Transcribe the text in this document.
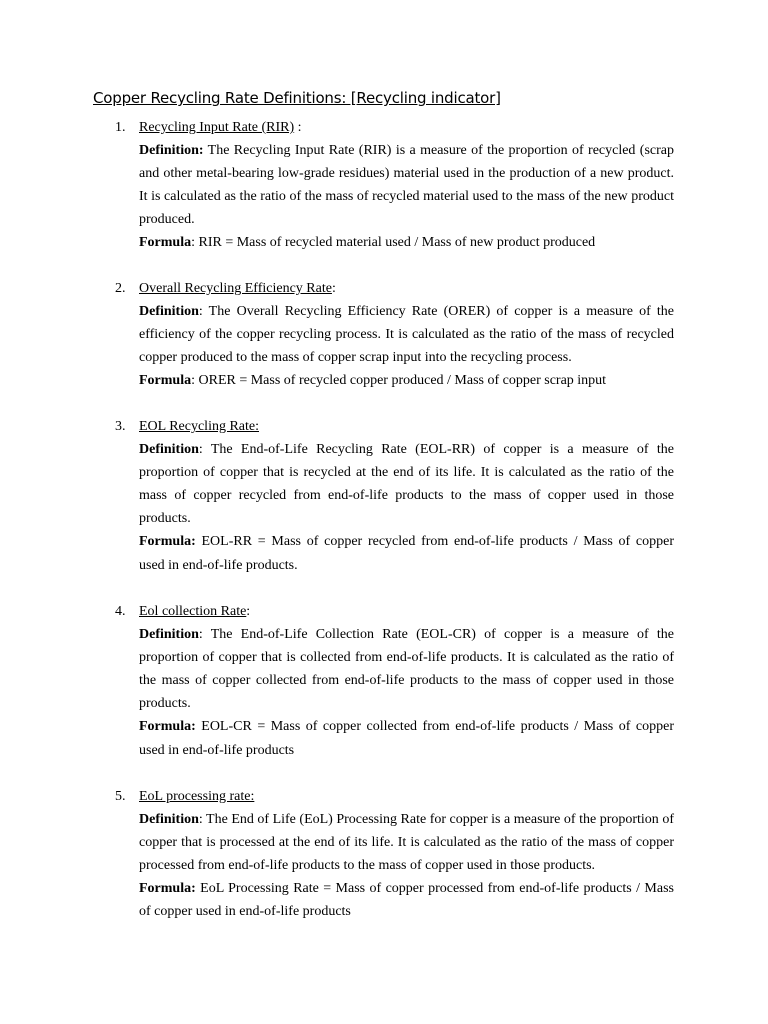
Copper Recycling Rate Definitions: [Recycling indicator]
1. Recycling Input Rate (RIR) :

Definition: The Recycling Input Rate (RIR) is a measure of the proportion of recycled (scrap and other metal-bearing low-grade residues) material used in the production of a new product. It is calculated as the ratio of the mass of recycled material used to the mass of the new product produced.

Formula: RIR = Mass of recycled material used / Mass of new product produced

2. Overall Recycling Efficiency Rate:

Definition: The Overall Recycling Efficiency Rate (ORER) of copper is a measure of the efficiency of the copper recycling process. It is calculated as the ratio of the mass of recycled copper produced to the mass of copper scrap input into the recycling process.

Formula: ORER = Mass of recycled copper produced / Mass of copper scrap input

3. EOL Recycling Rate:

Definition: The End-of-Life Recycling Rate (EOL-RR) of copper is a measure of the proportion of copper that is recycled at the end of its life. It is calculated as the ratio of the mass of copper recycled from end-of-life products to the mass of copper used in those products.

Formula: EOL-RR = Mass of copper recycled from end-of-life products / Mass of copper used in end-of-life products.

4. Eol collection Rate:

Definition: The End-of-Life Collection Rate (EOL-CR) of copper is a measure of the proportion of copper that is collected from end-of-life products. It is calculated as the ratio of the mass of copper collected from end-of-life products to the mass of copper used in those products.

Formula: EOL-CR = Mass of copper collected from end-of-life products / Mass of copper used in end-of-life products

5. EoL processing rate:

Definition: The End of Life (EoL) Processing Rate for copper is a measure of the proportion of copper that is processed at the end of its life. It is calculated as the ratio of the mass of copper processed from end-of-life products to the mass of copper used in those products.

Formula: EoL Processing Rate = Mass of copper processed from end-of-life products / Mass of copper used in end-of-life products
